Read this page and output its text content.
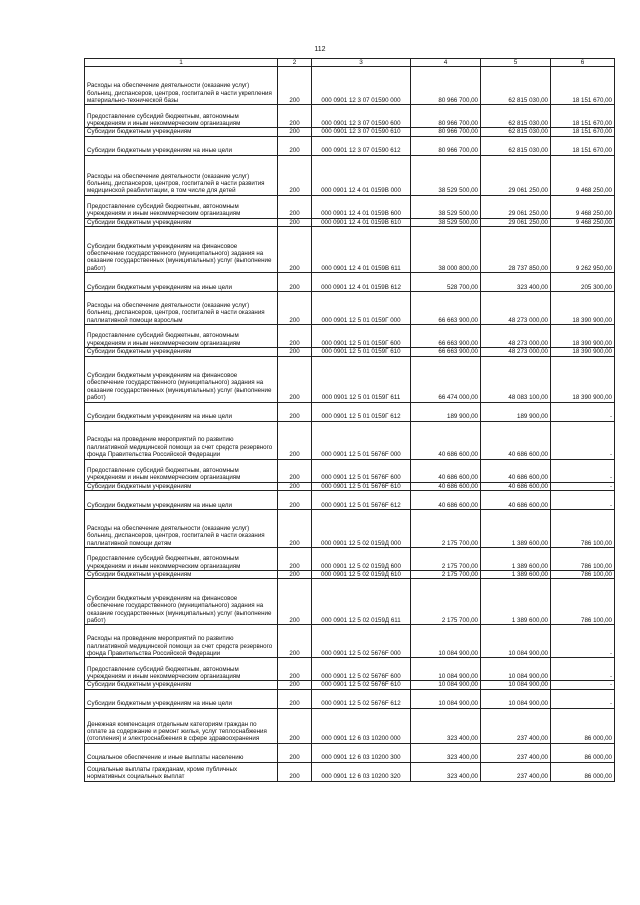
112
1	2	3	4	5	6
Расходы на обеспечение деятельности (оказание услуг) больниц, диспансеров, центров, госпиталей в части укрепления материально-технической базы	200	000 0901 12 3 07 01590 000	80 966 700,00	62 815 030,00	18 151 670,00
Предоставление субсидий бюджетным, автономным учреждениям и иным некоммерческим организациям	200	000 0901 12 3 07 01590 600	80 966 700,00	62 815 030,00	18 151 670,00
Субсидии бюджетным учреждениям	200	000 0901 12 3 07 01590 610	80 966 700,00	62 815 030,00	18 151 670,00
Субсидии бюджетным учреждениям на иные цели	200	000 0901 12 3 07 01590 612	80 966 700,00	62 815 030,00	18 151 670,00
Расходы на обеспечение деятельности (оказание услуг) больниц, диспансеров, центров, госпиталей в части развития медицинской реабилитации, в том числе для детей	200	000 0901 12 4 01 0159В 000	38 529 500,00	29 061 250,00	9 468 250,00
Предоставление субсидий бюджетным, автономным учреждениям и иным некоммерческим организациям	200	000 0901 12 4 01 0159В 600	38 529 500,00	29 061 250,00	9 468 250,00
Субсидии бюджетным учреждениям	200	000 0901 12 4 01 0159В 610	38 529 500,00	29 061 250,00	9 468 250,00
Субсидии бюджетным учреждениям на финансовое обеспечение государственного (муниципального) задания на оказание государственных (муниципальных) услуг (выполнение работ)	200	000 0901 12 4 01 0159В 611	38 000 800,00	28 737 850,00	9 262 950,00
Субсидии бюджетным учреждениям на иные цели	200	000 0901 12 4 01 0159В 612	528 700,00	323 400,00	205 300,00
Расходы на обеспечение деятельности (оказание услуг) больниц, диспансеров, центров, госпиталей в части оказания паллиативной помощи взрослым	200	000 0901 12 5 01 0159Г 000	66 663 900,00	48 273 000,00	18 390 900,00
Предоставление субсидий бюджетным, автономным учреждениям и иным некоммерческим организациям	200	000 0901 12 5 01 0159Г 600	66 663 900,00	48 273 000,00	18 390 900,00
Субсидии бюджетным учреждениям	200	000 0901 12 5 01 0159Г 610	66 663 900,00	48 273 000,00	18 390 900,00
Субсидии бюджетным учреждениям на финансовое обеспечение государственного (муниципального) задания на оказание государственных (муниципальных) услуг (выполнение работ)	200	000 0901 12 5 01 0159Г 611	66 474 000,00	48 083 100,00	18 390 900,00
Субсидии бюджетным учреждениям на иные цели	200	000 0901 12 5 01 0159Г 612	189 900,00	189 900,00	-
Расходы на проведение мероприятий по развитию паллиативной медицинской помощи за счет средств резервного фонда Правительства Российской Федерации	200	000 0901 12 5 01 5676F 000	40 686 600,00	40 686 600,00	-
Предоставление субсидий бюджетным, автономным учреждениям и иным некоммерческим организациям	200	000 0901 12 5 01 5676F 600	40 686 600,00	40 686 600,00	-
Субсидии бюджетным учреждениям	200	000 0901 12 5 01 5676F 610	40 686 600,00	40 686 600,00	-
Субсидии бюджетным учреждениям на иные цели	200	000 0901 12 5 01 5676F 612	40 686 600,00	40 686 600,00	-
Расходы на обеспечение деятельности (оказание услуг) больниц, диспансеров, центров, госпиталей в части оказания паллиативной помощи детям	200	000 0901 12 5 02 0159Д 000	2 175 700,00	1 389 600,00	786 100,00
Предоставление субсидий бюджетным, автономным учреждениям и иным некоммерческим организациям	200	000 0901 12 5 02 0159Д 600	2 175 700,00	1 389 600,00	786 100,00
Субсидии бюджетным учреждениям	200	000 0901 12 5 02 0159Д 610	2 175 700,00	1 389 600,00	786 100,00
Субсидии бюджетным учреждениям на финансовое обеспечение государственного (муниципального) задания на оказание государственных (муниципальных) услуг (выполнение работ)	200	000 0901 12 5 02 0159Д 611	2 175 700,00	1 389 600,00	786 100,00
Расходы на проведение мероприятий по развитию паллиативной медицинской помощи за счет средств резервного фонда Правительства Российской Федерации	200	000 0901 12 5 02 5676F 000	10 084 900,00	10 084 900,00	-
Предоставление субсидий бюджетным, автономным учреждениям и иным некоммерческим организациям	200	000 0901 12 5 02 5676F 600	10 084 900,00	10 084 900,00	-
Субсидии бюджетным учреждениям	200	000 0901 12 5 02 5676F 610	10 084 900,00	10 084 900,00	-
Субсидии бюджетным учреждениям на иные цели	200	000 0901 12 5 02 5676F 612	10 084 900,00	10 084 900,00	-
Денежная компенсация отдельным категориям граждан по оплате за содержание и ремонт жилья, услуг теплоснабжения (отопления) и электроснабжения в сфере здравоохранения	200	000 0901 12 6 03 10200 000	323 400,00	237 400,00	86 000,00
Социальное обеспечение и иные выплаты населению	200	000 0901 12 6 03 10200 300	323 400,00	237 400,00	86 000,00
Социальные выплаты гражданам, кроме публичных нормативных социальных выплат	200	000 0901 12 6 03 10200 320	323 400,00	237 400,00	86 000,00
